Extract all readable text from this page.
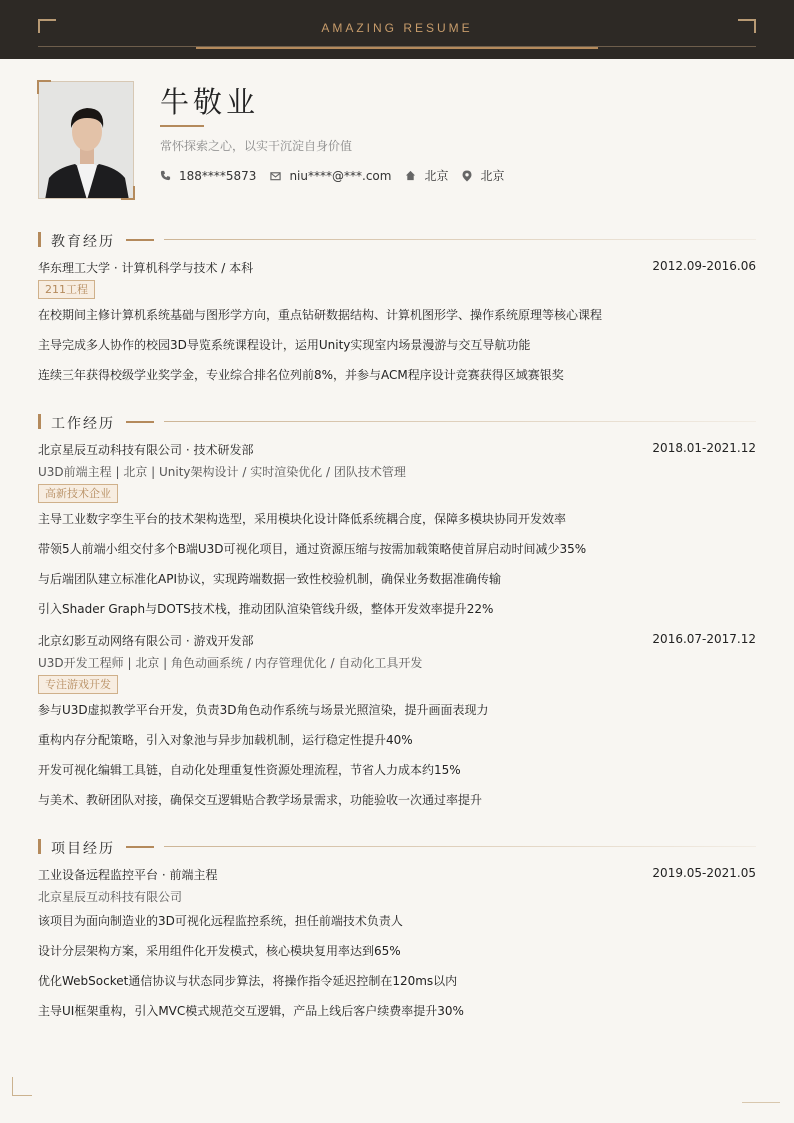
AMAZING RESUME
牛敬业
常怀探索之心，以实干沉淀自身价值
188****5873	niu****@***.com	北京	北京
教育经历
华东理工大学 · 计算机科学与技术 / 本科	2012.09-2016.06
211工程
在校期间主修计算机系统基础与图形学方向，重点钻研数据结构、计算机图形学、操作系统原理等核心课程
主导完成多人协作的校园3D导览系统课程设计，运用Unity实现室内场景漫游与交互导航功能
连续三年获得校级学业奖学金，专业综合排名位列前8%，并参与ACM程序设计竞赛获得区域赛银奖
工作经历
北京星辰互动科技有限公司 · 技术研发部	2018.01-2021.12
U3D前端主程 | 北京 | Unity架构设计 / 实时渲染优化 / 团队技术管理
高新技术企业
主导工业数字孪生平台的技术架构选型，采用模块化设计降低系统耦合度，保障多模块协同开发效率
带领5人前端小组交付多个B端U3D可视化项目，通过资源压缩与按需加载策略使首屏启动时间减少35%
与后端团队建立标准化API协议，实现跨端数据一致性校验机制，确保业务数据准确传输
引入Shader Graph与DOTS技术栈，推动团队渲染管线升级，整体开发效率提升22%
北京幻影互动网络有限公司 · 游戏开发部	2016.07-2017.12
U3D开发工程师 | 北京 | 角色动画系统 / 内存管理优化 / 自动化工具开发
专注游戏开发
参与U3D虚拟教学平台开发，负责3D角色动作系统与场景光照渲染，提升画面表现力
重构内存分配策略，引入对象池与异步加载机制，运行稳定性提升40%
开发可视化编辑工具链，自动化处理重复性资源处理流程，节省人力成本约15%
与美术、教研团队对接，确保交互逻辑贴合教学场景需求，功能验收一次通过率提升
项目经历
工业设备远程监控平台 · 前端主程	2019.05-2021.05
北京星辰互动科技有限公司
该项目为面向制造业的3D可视化远程监控系统，担任前端技术负责人
设计分层架构方案，采用组件化开发模式，核心模块复用率达到65%
优化WebSocket通信协议与状态同步算法，将操作指令延迟控制在120ms以内
主导UI框架重构，引入MVC模式规范交互逻辑，产品上线后客户续费率提升30%
